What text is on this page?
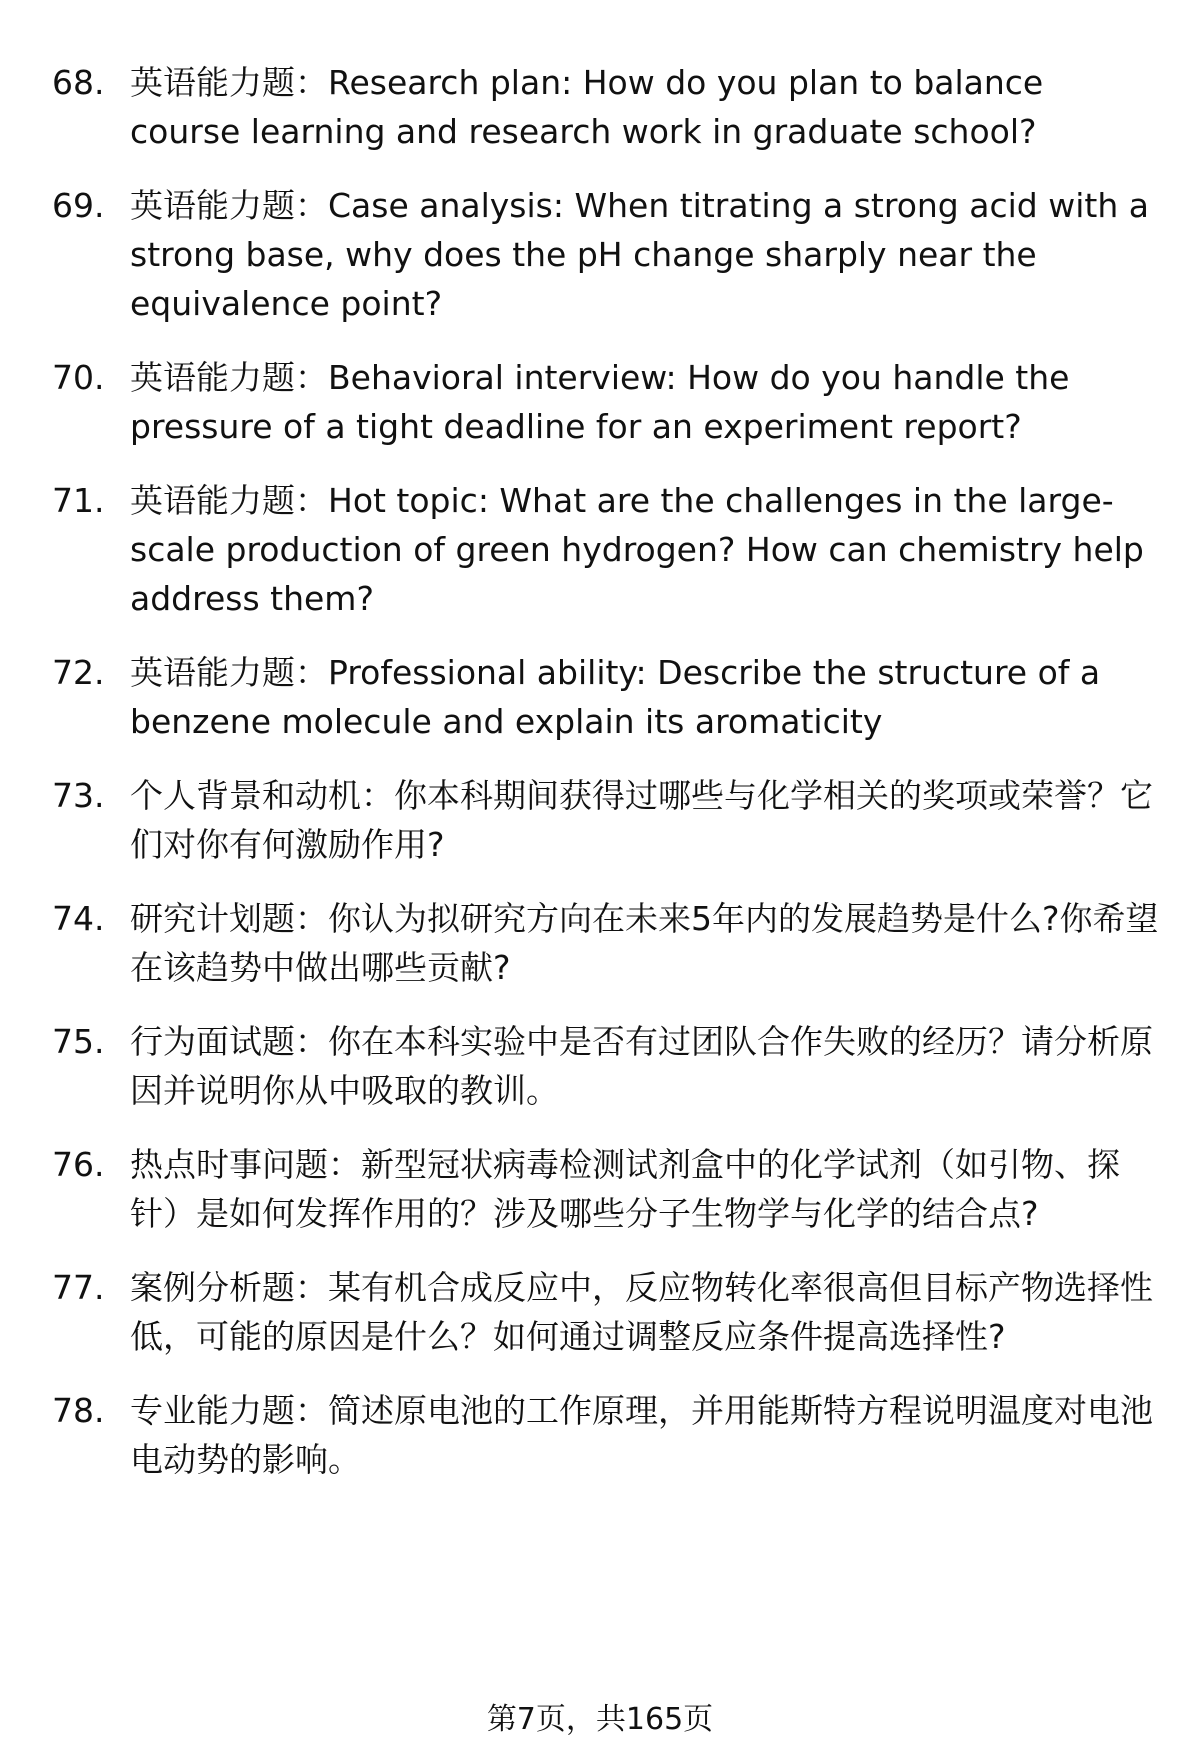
68. 英语能力题：Research plan: How do you plan to balance course learning and research work in graduate school?
69. 英语能力题：Case analysis: When titrating a strong acid with a strong base, why does the pH change sharply near the equivalence point?
70. 英语能力题：Behavioral interview: How do you handle the pressure of a tight deadline for an experiment report?
71. 英语能力题：Hot topic: What are the challenges in the large-scale production of green hydrogen? How can chemistry help address them?
72. 英语能力题：Professional ability: Describe the structure of a benzene molecule and explain its aromaticity
73. 个人背景和动机：你本科期间获得过哪些与化学相关的奖项或荣誉？它们对你有何激励作用?
74. 研究计划题：你认为拟研究方向在未来5年内的发展趋势是什么?你希望在该趋势中做出哪些贡献?
75. 行为面试题：你在本科实验中是否有过团队合作失败的经历？请分析原因并说明你从中吸取的教训。
76. 热点时事问题：新型冠状病毒检测试剂盒中的化学试剂（如引物、探针）是如何发挥作用的？涉及哪些分子生物学与化学的结合点?
77. 案例分析题：某有机合成反应中，反应物转化率很高但目标产物选择性低，可能的原因是什么？如何通过调整反应条件提高选择性?
78. 专业能力题：简述原电池的工作原理，并用能斯特方程说明温度对电池电动势的影响。
第7页，共165页
